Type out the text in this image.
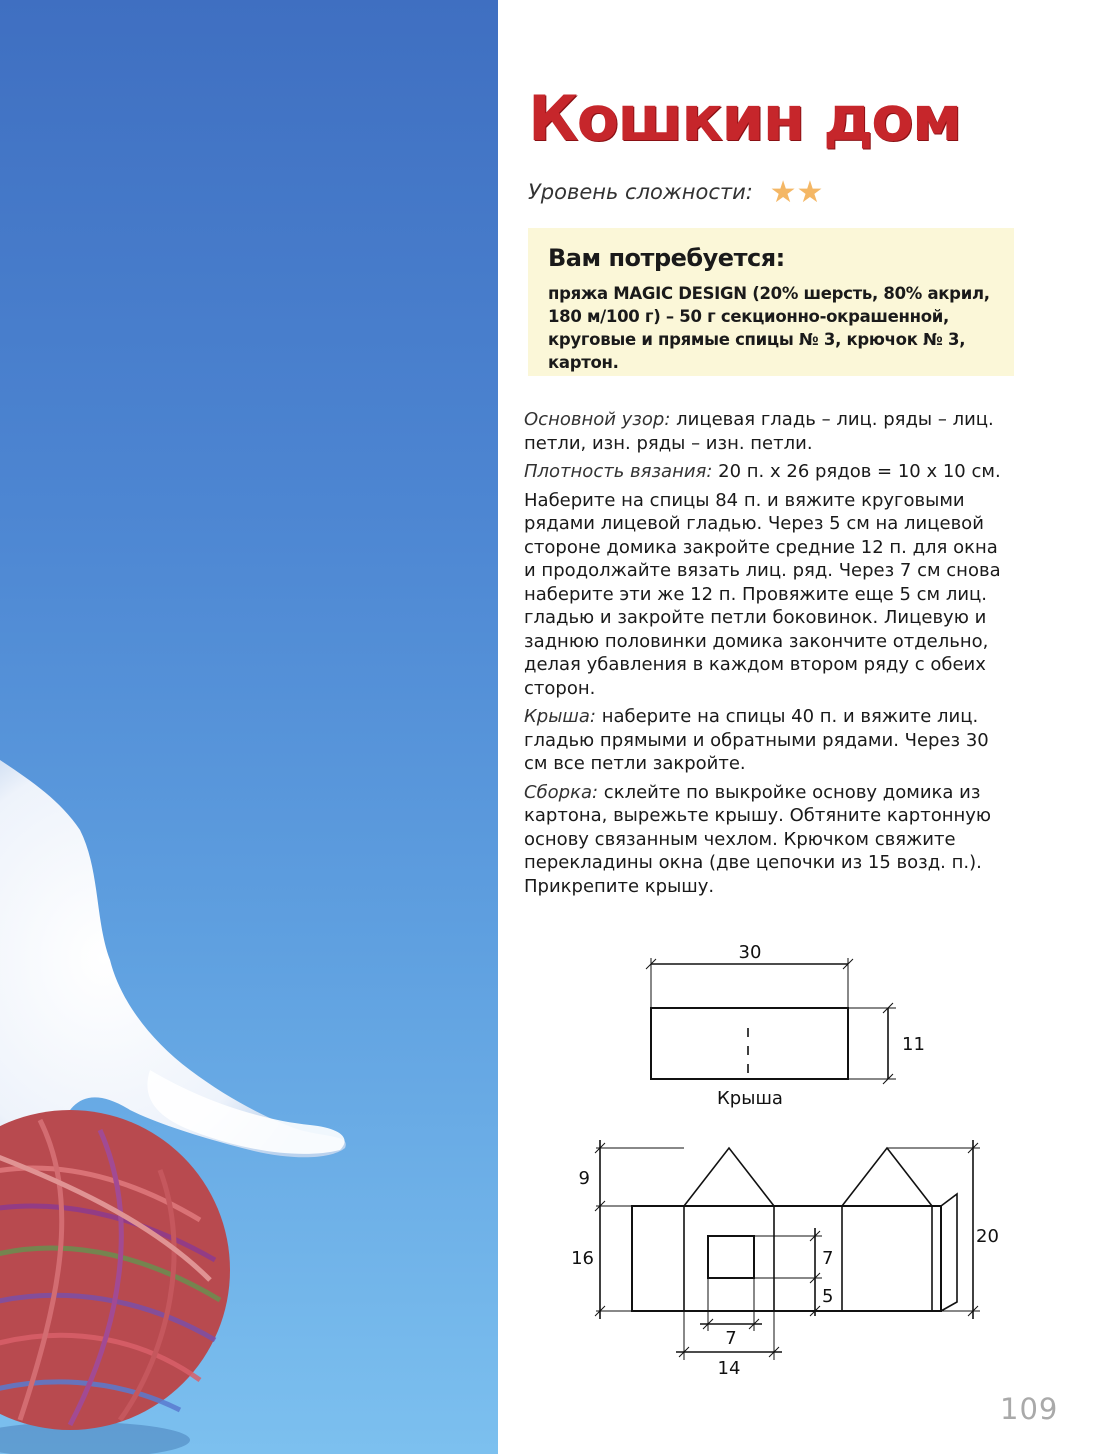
Кошкин дом
Уровень сложности: ★★
Вам потребуется:

пряжа MAGIC DESIGN (20% шерсть, 80% акрил, 180 м/100 г) – 50 г секционно-окрашенной, круговые и прямые спицы № 3, крючок № 3, картон.

Основной узор: лицевая гладь – лиц. ряды – лиц. петли, изн. ряды – изн. петли.

Плотность вязания: 20 п. x 26 рядов = 10 x 10 см.

Наберите на спицы 84 п. и вяжите круговыми рядами лицевой гладью. Через 5 см на лицевой стороне домика закройте средние 12 п. для окна и продолжайте вязать лиц. ряд. Через 7 см снова наберите эти же 12 п. Провяжите еще 5 см лиц. гладью и закройте петли боковинок. Лицевую и заднюю половинки домика закончите отдельно, делая убавления в каждом втором ряду с обеих сторон.

Крыша: наберите на спицы 40 п. и вяжите лиц. гладью прямыми и обратными рядами. Через 30 см все петли закройте.

Сборка: склейте по выкройке основу домика из картона, вырежьте крышу. Обтяните картонную основу связанным чехлом. Крючком свяжите перекладины окна (две цепочки из 15 возд. п.). Прикрепите крышу.

30
11
Крыша
9
16
20
7
5
7
14
109
